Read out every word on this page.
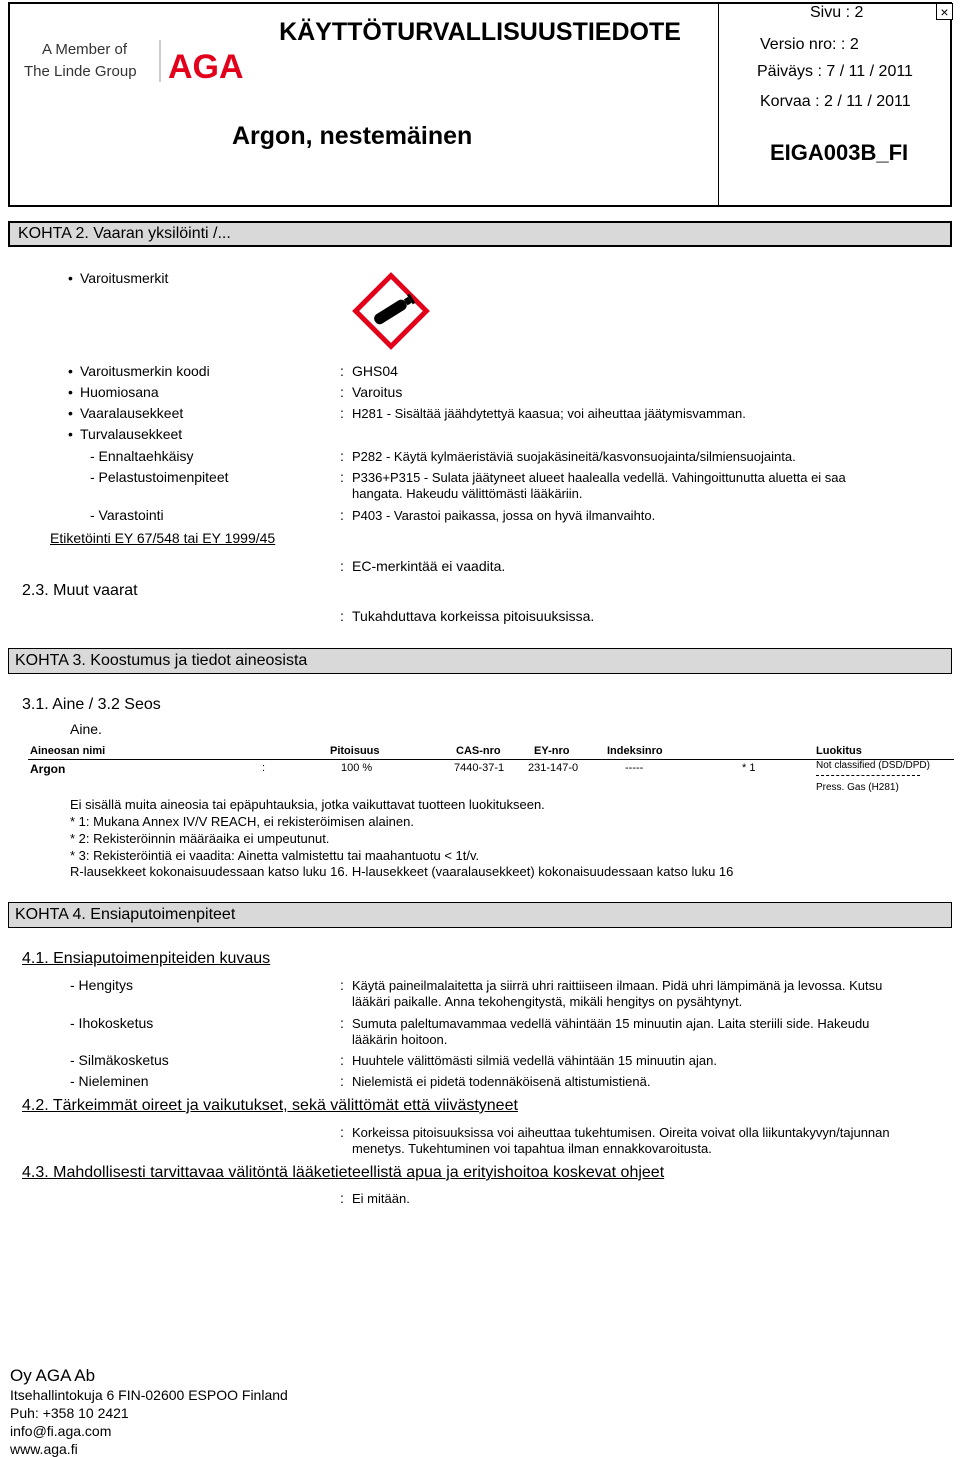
A Member of
The Linde Group AGA
KÄYTTÖTURVALLISUUSTIEDOTE
Argon, nestemäinen
Sivu : 2
Versio nro: : 2
Päiväys : 7 / 11 / 2011
Korvaa : 2 / 11 / 2011
EIGA003B_FI
×
KOHTA 2. Vaaran yksilöinti /...
• Varoitusmerkit
• Varoitusmerkin koodi	: GHS04
• Huomiosana	: Varoitus
• Vaaralausekkeet	: H281 - Sisältää jäähdytettyä kaasua; voi aiheuttaa jäätymisvamman.
• Turvalausekkeet
- Ennaltaehkäisy	: P282 - Käytä kylmäeristäviä suojakäsineitä/kasvonsuojainta/silmiensuojainta.
- Pelastustoimenpiteet	: P336+P315 - Sulata jäätyneet alueet haalealla vedellä. Vahingoittunutta aluetta ei saa
hangata. Hakeudu välittömästi lääkäriin.
- Varastointi	: P403 - Varastoi paikassa, jossa on hyvä ilmanvaihto.
Etiketöinti EY 67/548 tai EY 1999/45
: EC-merkintää ei vaadita.
2.3. Muut vaarat
: Tukahduttava korkeissa pitoisuuksissa.
KOHTA 3. Koostumus ja tiedot aineosista
3.1. Aine / 3.2 Seos
Aine.
Aineosan nimi	Pitoisuus	CAS-nro	EY-nro	Indeksinro	Luokitus
Argon	:	100 %	7440-37-1 231-147-0	-----	* 1	Not classified (DSD/DPD)
Press. Gas (H281)
Ei sisällä muita aineosia tai epäpuhtauksia, jotka vaikuttavat tuotteen luokitukseen.
* 1: Mukana Annex IV/V REACH, ei rekisteröimisen alainen.
* 2: Rekisteröinnin määräaika ei umpeutunut.
* 3: Rekisteröintiä ei vaadita: Ainetta valmistettu tai maahantuotu < 1t/v.
R-lausekkeet kokonaisuudessaan katso luku 16. H-lausekkeet (vaaralausekkeet) kokonaisuudessaan katso luku 16
KOHTA 4. Ensiaputoimenpiteet
4.1. Ensiaputoimenpiteiden kuvaus
- Hengitys	: Käytä paineilmalaitetta ja siirrä uhri raittiiseen ilmaan. Pidä uhri lämpimänä ja levossa. Kutsu
lääkäri paikalle. Anna tekohengitystä, mikäli hengitys on pysähtynyt.
- Ihokosketus	: Sumuta paleltumavammaa vedellä vähintään 15 minuutin ajan. Laita steriili side. Hakeudu
lääkärin hoitoon.
- Silmäkosketus	: Huuhtele välittömästi silmiä vedellä vähintään 15 minuutin ajan.
- Nieleminen	: Nielemistä ei pidetä todennäköisenä altistumistienä.
4.2. Tärkeimmät oireet ja vaikutukset, sekä välittömät että viivästyneet
: Korkeissa pitoisuuksissa voi aiheuttaa tukehtumisen. Oireita voivat olla liikuntakyvyn/tajunnan
menetys. Tukehtuminen voi tapahtua ilman ennakkovaroitusta.
4.3. Mahdollisesti tarvittavaa välitöntä lääketieteellistä apua ja erityishoitoa koskevat ohjeet
: Ei mitään.
Oy AGA Ab
Itsehallintokuja 6 FIN-02600 ESPOO Finland
Puh: +358 10 2421
info@fi.aga.com
www.aga.fi
